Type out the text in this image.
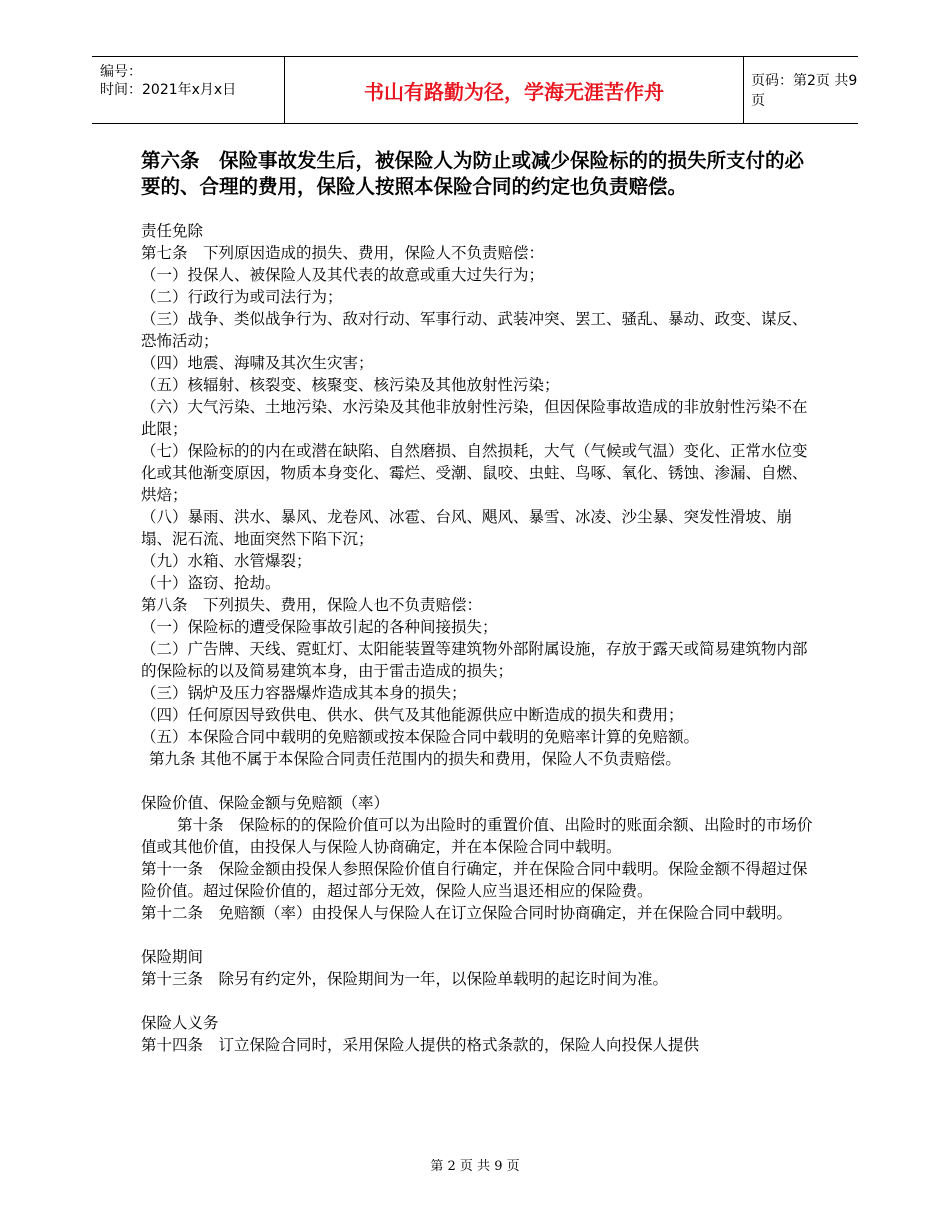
编号：
时间：2021年x月x日	书山有路勤为径，学海无涯苦作舟	页码：第2页 共9页

第六条　保险事故发生后，被保险人为防止或减少保险标的的损失所支付的必要的、合理的费用，保险人按照本保险合同的约定也负责赔偿。

责任免除

第七条　下列原因造成的损失、费用，保险人不负责赔偿：

（一）投保人、被保险人及其代表的故意或重大过失行为；

（二）行政行为或司法行为；

（三）战争、类似战争行为、敌对行动、军事行动、武装冲突、罢工、骚乱、暴动、政变、谋反、恐怖活动；

（四）地震、海啸及其次生灾害；

（五）核辐射、核裂变、核聚变、核污染及其他放射性污染；

（六）大气污染、土地污染、水污染及其他非放射性污染，但因保险事故造成的非放射性污染不在此限；

（七）保险标的的内在或潜在缺陷、自然磨损、自然损耗，大气（气候或气温）变化、正常水位变化或其他渐变原因，物质本身变化、霉烂、受潮、鼠咬、虫蛀、鸟啄、氧化、锈蚀、渗漏、自燃、烘焙；

（八）暴雨、洪水、暴风、龙卷风、冰雹、台风、飓风、暴雪、冰凌、沙尘暴、突发性滑坡、崩塌、泥石流、地面突然下陷下沉；

（九）水箱、水管爆裂；

（十）盗窃、抢劫。

第八条　下列损失、费用，保险人也不负责赔偿：

（一）保险标的遭受保险事故引起的各种间接损失；

（二）广告牌、天线、霓虹灯、太阳能装置等建筑物外部附属设施，存放于露天或简易建筑物内部的保险标的以及简易建筑本身，由于雷击造成的损失；

（三）锅炉及压力容器爆炸造成其本身的损失；

（四）任何原因导致供电、供水、供气及其他能源供应中断造成的损失和费用；

（五）本保险合同中载明的免赔额或按本保险合同中载明的免赔率计算的免赔额。

第九条 其他不属于本保险合同责任范围内的损失和费用，保险人不负责赔偿。

保险价值、保险金额与免赔额（率）

第十条　保险标的的保险价值可以为出险时的重置价值、出险时的账面余额、出险时的市场价值或其他价值，由投保人与保险人协商确定，并在本保险合同中载明。

第十一条　保险金额由投保人参照保险价值自行确定，并在保险合同中载明。保险金额不得超过保险价值。超过保险价值的，超过部分无效，保险人应当退还相应的保险费。

第十二条　免赔额（率）由投保人与保险人在订立保险合同时协商确定，并在保险合同中载明。

保险期间

第十三条　除另有约定外，保险期间为一年，以保险单载明的起讫时间为准。

保险人义务

第十四条　订立保险合同时，采用保险人提供的格式条款的，保险人向投保人提供

第 2 页 共 9 页
